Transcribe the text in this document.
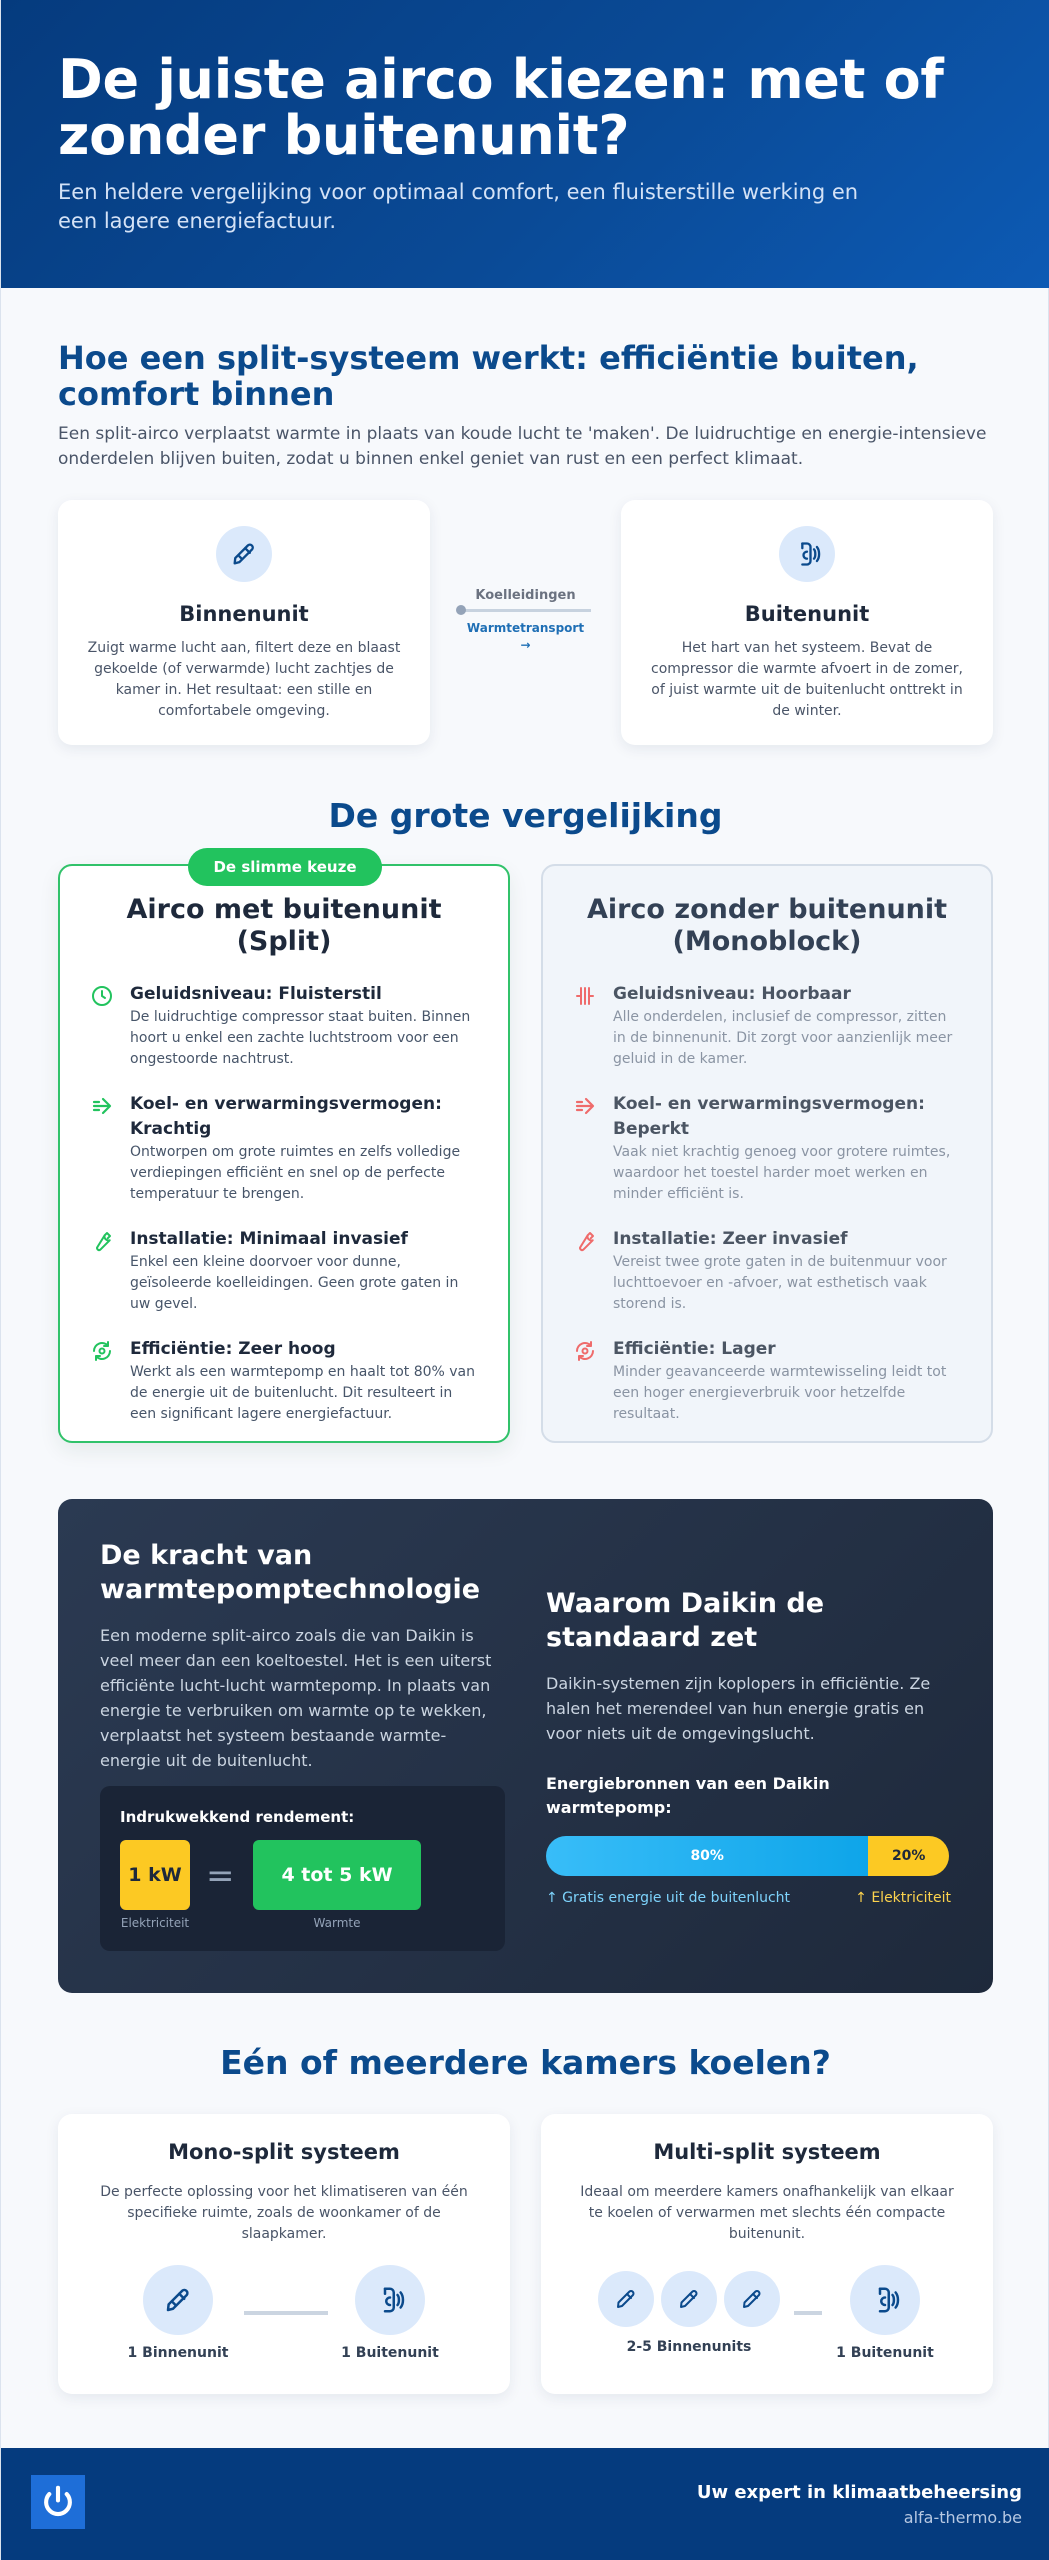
De juiste airco kiezen: met of zonder buitenunit?

Een heldere vergelijking voor optimaal comfort, een fluisterstille werking en een lagere energiefactuur.

Hoe een split-systeem werkt: efficiëntie buiten, comfort binnen

Een split-airco verplaatst warmte in plaats van koude lucht te 'maken'. De luidruchtige en energie-intensieve onderdelen blijven buiten, zodat u binnen enkel geniet van rust en een perfect klimaat.

Binnenunit

Zuigt warme lucht aan, filtert deze en blaast gekoelde (of verwarmde) lucht zachtjes de kamer in. Het resultaat: een stille en comfortabele omgeving.

Koelleidingen
Warmtetransport
→
Buitenunit

Het hart van het systeem. Bevat de compressor die warmte afvoert in de zomer, of juist warmte uit de buitenlucht onttrekt in de winter.

De grote vergelijking
De slimme keuze
Airco met buitenunit (Split)
Geluidsniveau: Fluisterstil

De luidruchtige compressor staat buiten. Binnen hoort u enkel een zachte luchtstroom voor een ongestoorde nachtrust.

Koel- en verwarmingsvermogen: Krachtig

Ontworpen om grote ruimtes en zelfs volledige verdiepingen efficiënt en snel op de perfecte temperatuur te brengen.

Installatie: Minimaal invasief

Enkel een kleine doorvoer voor dunne, geïsoleerde koelleidingen. Geen grote gaten in uw gevel.

Efficiëntie: Zeer hoog

Werkt als een warmtepomp en haalt tot 80% van de energie uit de buitenlucht. Dit resulteert in een significant lagere energiefactuur.

Airco zonder buitenunit (Monoblock)
Geluidsniveau: Hoorbaar

Alle onderdelen, inclusief de compressor, zitten in de binnenunit. Dit zorgt voor aanzienlijk meer geluid in de kamer.

Koel- en verwarmingsvermogen: Beperkt

Vaak niet krachtig genoeg voor grotere ruimtes, waardoor het toestel harder moet werken en minder efficiënt is.

Installatie: Zeer invasief

Vereist twee grote gaten in de buitenmuur voor luchttoevoer en -afvoer, wat esthetisch vaak storend is.

Efficiëntie: Lager

Minder geavanceerde warmtewisseling leidt tot een hoger energieverbruik voor hetzelfde resultaat.

De kracht van warmtepomptechnologie

Een moderne split-airco zoals die van Daikin is veel meer dan een koeltoestel. Het is een uiterst efficiënte lucht-lucht warmtepomp. In plaats van energie te verbruiken om warmte op te wekken, verplaatst het systeem bestaande warmte-energie uit de buitenlucht.

Indrukwekkend rendement:
1 kW =	4 tot 5 kW
Elektriciteit	Warmte
Waarom Daikin de standaard zet

Daikin-systemen zijn koplopers in efficiëntie. Ze halen het merendeel van hun energie gratis en voor niets uit de omgevingslucht.

Energiebronnen van een Daikin warmtepomp:
80%	20%
↑ Gratis energie uit de buitenlucht	↑ Elektriciteit
Eén of meerdere kamers koelen?
Mono-split systeem

De perfecte oplossing voor het klimatiseren van één specifieke ruimte, zoals de woonkamer of de slaapkamer.

1 Binnenunit	1 Buitenunit
Multi-split systeem

Ideaal om meerdere kamers onafhankelijk van elkaar te koelen of verwarmen met slechts één compacte buitenunit.

2-5 Binnenunits	1 Buitenunit
Uw expert in klimaatbeheersing
alfa-thermo.be
